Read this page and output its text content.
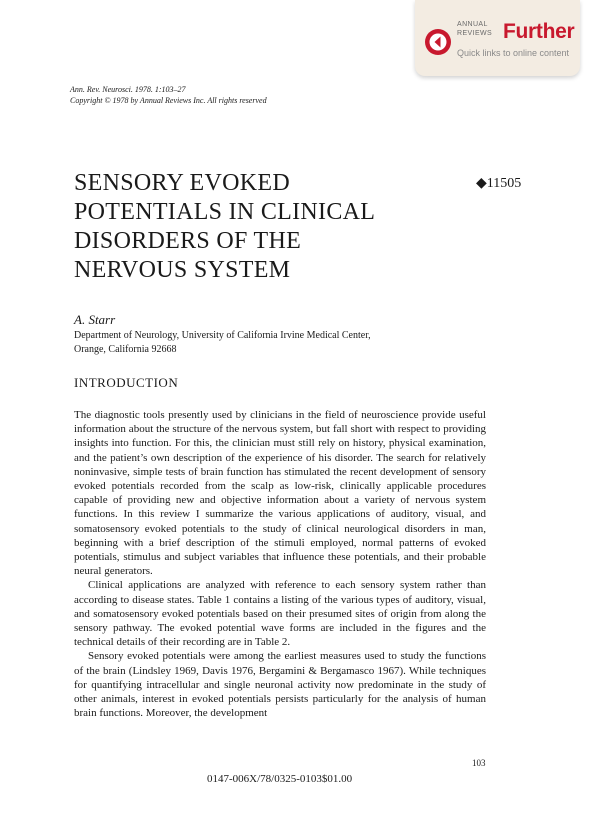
ANNUAL
REVIEWS Further
Quick links to online content
Ann. Rev. Neurosci. 1978. 1:103–27
Copyright © 1978 by Annual Reviews Inc. All rights reserved
SENSORY EVOKED
POTENTIALS IN CLINICAL
DISORDERS OF THE
NERVOUS SYSTEM
◆11505
A. Starr
Department of Neurology, University of California Irvine Medical Center,
Orange, California 92668
INTRODUCTION

The diagnostic tools presently used by clinicians in the field of neuroscience provide useful information about the structure of the nervous system, but fall short with respect to providing insights into function. For this, the clinician must still rely on history, physical examination, and the patient’s own description of the experience of his disorder. The search for relatively noninvasive, simple tests of brain function has stimulated the recent development of sensory evoked potentials recorded from the scalp as low-risk, clinically applicable procedures capable of providing new and objective information about a variety of nervous system functions. In this review I summarize the various applications of auditory, visual, and somatosensory evoked potentials to the study of clinical neurological disorders in man, beginning with a brief description of the stimuli employed, normal patterns of evoked potentials, stimulus and subject variables that influence these potentials, and their probable neural generators.

Clinical applications are analyzed with reference to each sensory system rather than according to disease states. Table 1 contains a listing of the various types of auditory, visual, and somatosensory evoked potentials based on their presumed sites of origin from along the sensory pathway. The evoked potential wave forms are included in the figures and the technical details of their recording are in Table 2.

Sensory evoked potentials were among the earliest measures used to study the functions of the brain (Lindsley 1969, Davis 1976, Bergamini & Bergamasco 1967). While techniques for quantifying intracellular and single neuronal activity now predominate in the study of other animals, interest in evoked potentials persists particularly for the analysis of human brain functions. Moreover, the development

103
0147-006X/78/0325-0103$01.00
